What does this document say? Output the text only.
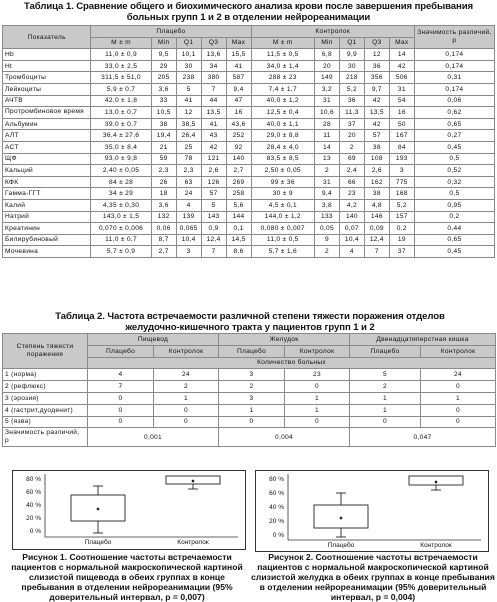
Таблица 1. Сравнение общего и биохимического анализа крови после завершения пребывания больных групп 1 и 2 в отделении нейрореанимации
Показатель	Плацебо					Контролок					Значимость различий, p
	M ± m	Min	Q1	Q3	Max	M ± m	Min	Q1	Q3	Max	
Hb	11,0 ± 0,9	9,5	10,1	13,6	15,5	11,5 ± 0,5	6,8	9,9	12	14	0,174
Ht	33,0 ± 2,5	29	30	34	41	34,0 ± 1,4	20	30	36	42	0,174
Тромбоциты	311,5 ± 51,0	205	238	380	587	288 ± 23	149	218	356	506	0,31
Лейкоциты	5,9 ± 0,7	3,6	5	7	9,4	7,4 ± 1,7	3,2	5,2	9,7	31	0,174
АЧТВ	42,0 ± 1,8	33	41	44	47	40,0 ± 1,2	31	36	42	54	0,06
Протромбиновое время	13,0 ± 0,7	10,5	12	13,5	16	12,5 ± 0,4	10,6	11,3	13,5	16	0,62
Альбумин	39,0 ± 0,7	38	38,5	41	43,6	40,0 ± 1,1	28	37	42	50	0,65
АЛТ	36,4 ± 27,6	19,4	26,4	43	252	29,0 ± 8,8	11	20	57	167	0,27
АСТ	35,0 ± 8,4	21	25	42	92	28,4 ± 4,0	14	2	38	84	0,45
ЩФ	93,0 ± 9,8	59	78	121	140	83,5 ± 8,5	13	69	108	193	0,5
Кальций	2,40 ± 0,05	2,3	2,3	2,6	2,7	2,50 ± 0,05	2	2,4	2,6	3	0,52
КФК	84 ± 28	26	63	126	269	99 ± 36	31	66	162	775	0,32
Гамма-ГГТ	34 ± 29	18	24	57	258	30 ± 9	9,4	23	38	168	0,5
Калий	4,35 ± 0,30	3,6	4	5	5,6	4,5 ± 0,1	3,8	4,2	4,8	5,2	0,95
Натрий	143,0 ± 1,5	132	139	143	144	144,0 ± 1,2	133	140	146	157	0,2
Креатинин	0,070 ± 0,006	0,06	0,065	0,9	0,1	0,080 ± 0,007	0,05	0,07	0,09	0,2	0,44
Билирубиновый	11,0 ± 0,7	8,7	10,4	12,4	14,5	11,0 ± 0,5	9	10,4	12,4	19	0,65
Мочевина	5,7 ± 0,9	2,7	3	7	8,6	5,7 ± 1,6	2	4	7	37	0,45
Таблица 2. Частота встречаемости различной степени тяжести поражения отделов желудочно-кишечного тракта у пациентов групп 1 и 2
Степень тяжести поражения	Пищевод		Желудок		Двенадцатиперстная кишка	
	Плацебо	Контролок	Плацебо	Контролок	Плацебо	Контролок
	Количество больных					
1 (норма)	4	24	3	23	5	24
2 (рефлюкс)	7	2	2	0	2	0
3 (эрозия)	0	1	3	1	1	1
4 (гастрит,дуоденит)	0	0	1	1	1	0
5 (язва)	0	0	0	0	0	0
Значимость различий, р	0,001		0,004		0,047	
80 %
60 %
40 %
20 %
0 %
Плацебо	Контролок
80 %
60 %
40 %
20 %
0 %
Плацебо	Контролок
Рисунок 1. Соотношение частоты встречаемости пациентов с нормальной макроскопической картиной слизистой пищевода в обеих группах в конце пребывания в отделении нейрореанимации (95% доверительный интервал, р = 0,007)
Рисунок 2. Соотношение частоты встречаемости пациентов с нормальной макроскопической картиной слизистой желудка в обеих группах в конце пребывания в отделении нейрореанимации (95% доверительный интервал, р = 0,004)
